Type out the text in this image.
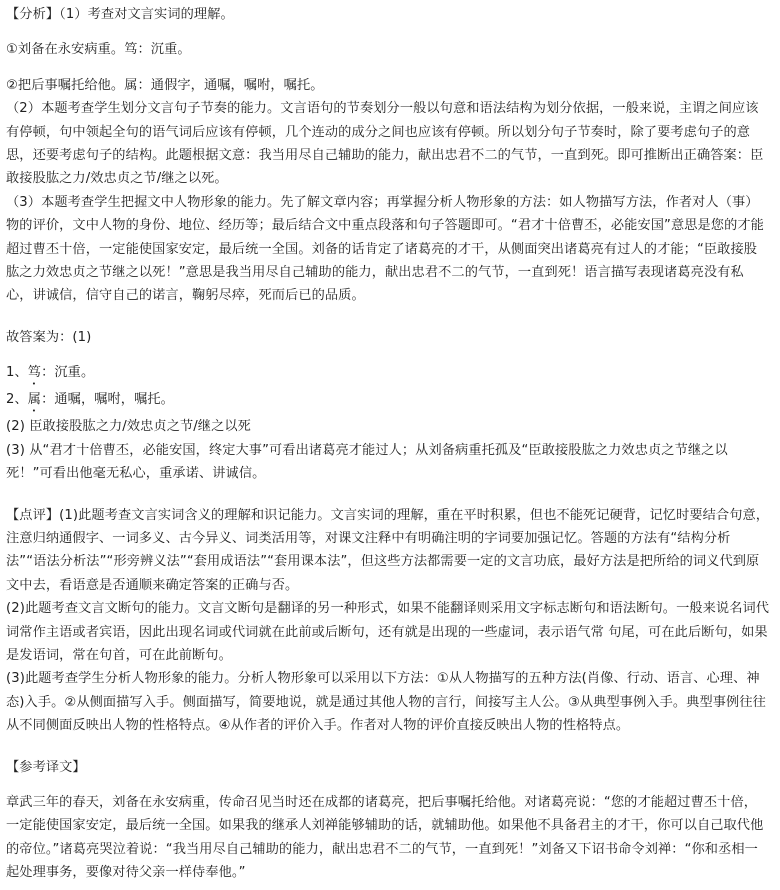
【分析】（1）考查对文言实词的理解。

①刘备在永安病重。笃：沉重。

②把后事嘱托给他。属：通假字，通嘱，嘱咐，嘱托。

（2）本题考查学生划分文言句子节奏的能力。文言语句的节奏划分一般以句意和语法结构为划分依据，一般来说，主谓之间应该有停顿，句中领起全句的语气词后应该有停顿，几个连动的成分之间也应该有停顿。所以划分句子节奏时，除了要考虑句子的意思，还要考虑句子的结构。此题根据文意：我当用尽自己辅助的能力，献出忠君不二的气节，一直到死。即可推断出正确答案：臣敢接股肱之力/效忠贞之节/继之以死。

（3）本题考查学生把握文中人物形象的能力。先了解文章内容；再掌握分析人物形象的方法：如人物描写方法，作者对人（事）物的评价，文中人物的身份、地位、经历等；最后结合文中重点段落和句子答题即可。“君才十倍曹丕，必能安国”意思是您的才能超过曹丕十倍，一定能使国家安定，最后统一全国。刘备的话肯定了诸葛亮的才干，从侧面突出诸葛亮有过人的才能；“臣敢接股肱之力效忠贞之节继之以死！”意思是我当用尽自己辅助的能力，献出忠君不二的气节，一直到死！语言描写表现诸葛亮没有私心，讲诚信，信守自己的诺言，鞠躬尽瘁，死而后已的品质。

故答案为：(1)

1、笃：沉重。

2、属：通嘱，嘱咐，嘱托。

(2) 臣敢接股肱之力/效忠贞之节/继之以死

(3) 从“君才十倍曹丕，必能安国，终定大事”可看出诸葛亮才能过人；从刘备病重托孤及“臣敢接股肱之力效忠贞之节继之以死！”可看出他毫无私心，重承诺、讲诚信。

【点评】(1)此题考查文言实词含义的理解和识记能力。文言实词的理解，重在平时积累，但也不能死记硬背，记忆时要结合句意，注意归纳通假字、一词多义、古今异义、词类活用等，对课文注释中有明确注明的字词要加强记忆。答题的方法有“结构分析法”“语法分析法”“形旁辨义法”“套用成语法”“套用课本法”，但这些方法都需要一定的文言功底，最好方法是把所给的词义代到原文中去，看语意是否通顺来确定答案的正确与否。

(2)此题考查文言文断句的能力。文言文断句是翻译的另一种形式，如果不能翻译则采用文字标志断句和语法断句。一般来说名词代词常作主语或者宾语，因此出现名词或代词就在此前或后断句，还有就是出现的一些虚词，表示语气常 句尾，可在此后断句，如果是发语词，常在句首，可在此前断句。

(3)此题考查学生分析人物形象的能力。分析人物形象可以采用以下方法：①从人物描写的五种方法(肖像、行动、语言、心理、神态)入手。②从侧面描写入手。侧面描写，简要地说，就是通过其他人物的言行，间接写主人公。③从典型事例入手。典型事例往往从不同侧面反映出人物的性格特点。④从作者的评价入手。作者对人物的评价直接反映出人物的性格特点。

【参考译文】

章武三年的春天，刘备在永安病重，传命召见当时还在成都的诸葛亮，把后事嘱托给他。对诸葛亮说：“您的才能超过曹丕十倍，一定能使国家安定，最后统一全国。如果我的继承人刘禅能够辅助的话，就辅助他。如果他不具备君主的才干，你可以自己取代他的帝位。”诸葛亮哭泣着说：“我当用尽自己辅助的能力，献出忠君不二的气节，一直到死！”刘备又下诏书命令刘禅：“你和丞相一起处理事务，要像对待父亲一样侍奉他。”
